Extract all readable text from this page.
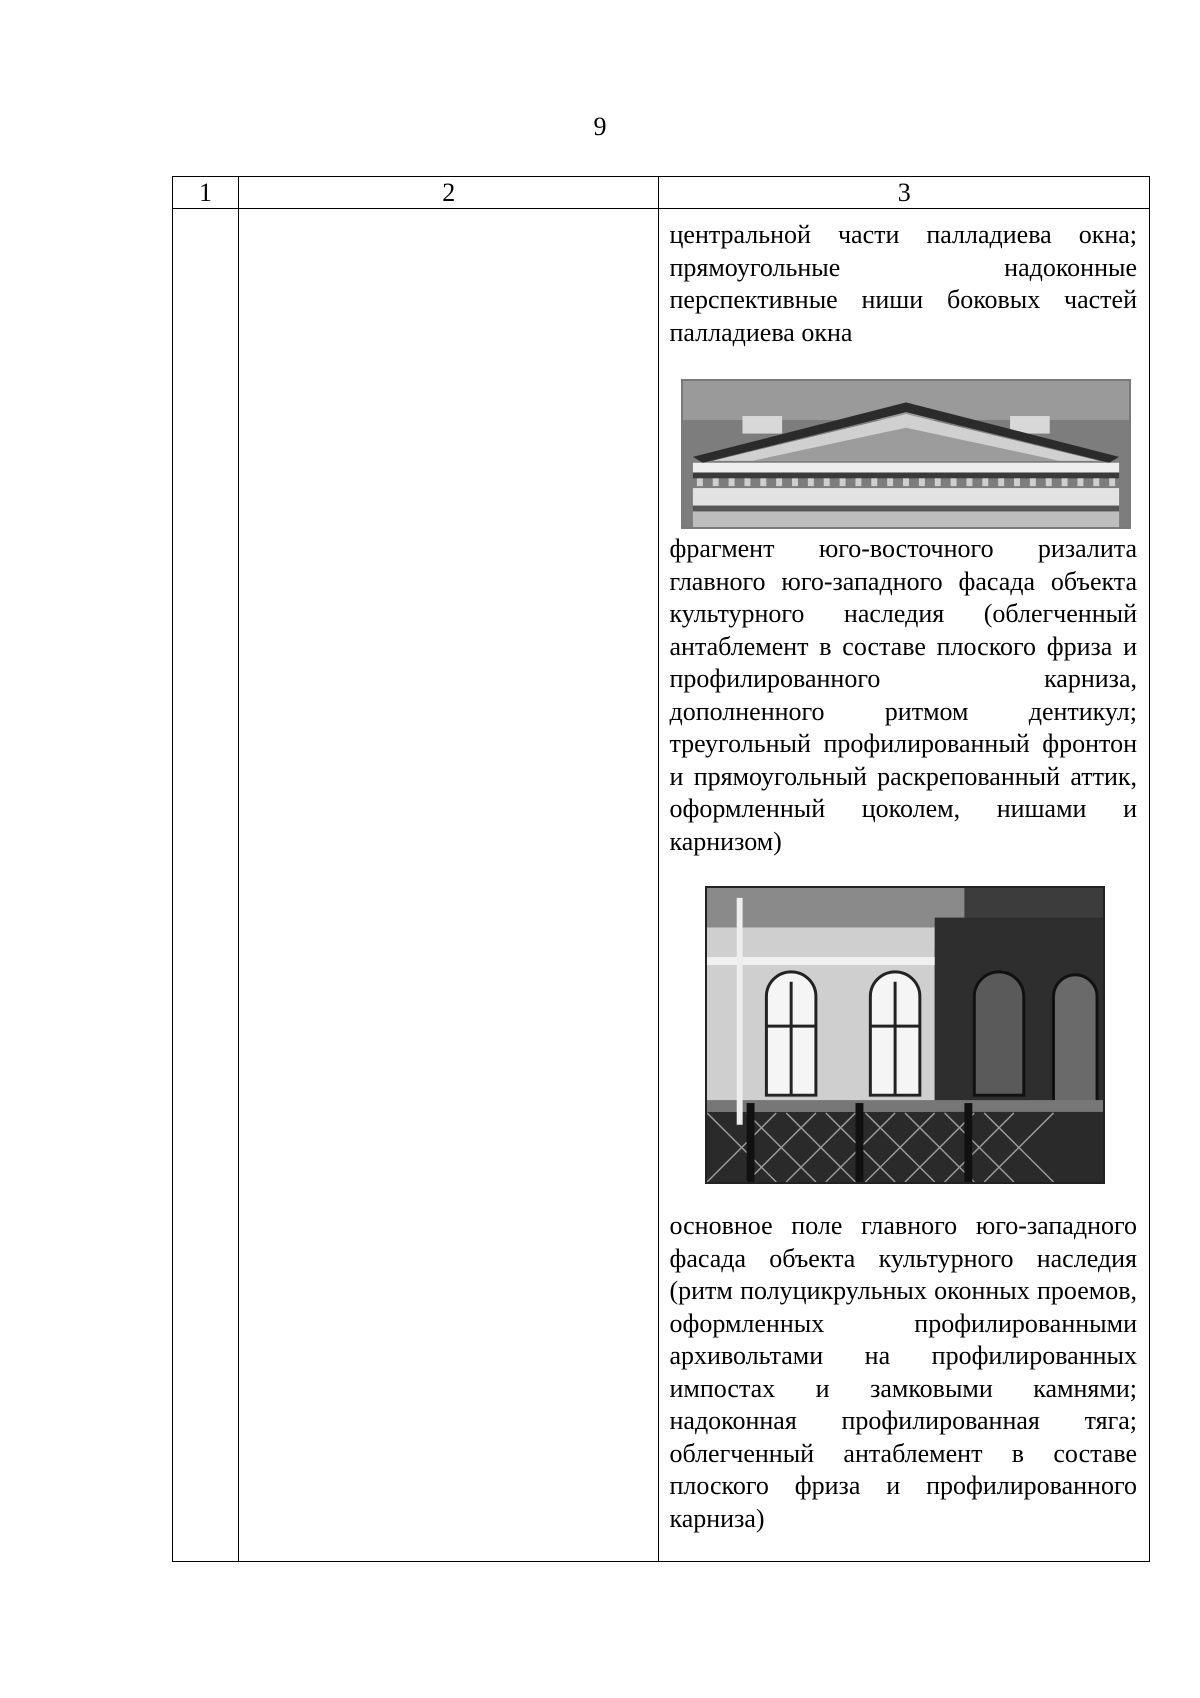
9
1	2	3

		центральной части палладиева окна; прямоугольные надоконные перспективные ниши боковых частей палладиева окна

фрагмент юго-восточного ризалита главного юго-западного фасада объекта культурного наследия (облегченный антаблемент в составе плоского фриза и профилированного карниза, дополненного ритмом дентикул; треугольный профилированный фронтон и прямоугольный раскрепованный аттик, оформленный цоколем, нишами и карнизом)

основное поле главного юго-западного фасада объекта культурного наследия (ритм полуцикрульных оконных проемов, оформленных профилированными архивольтами на профилированных импостах и замковыми камнями; надоконная профилированная тяга; облегченный антаблемент в составе плоского фриза и профилированного карниза)
